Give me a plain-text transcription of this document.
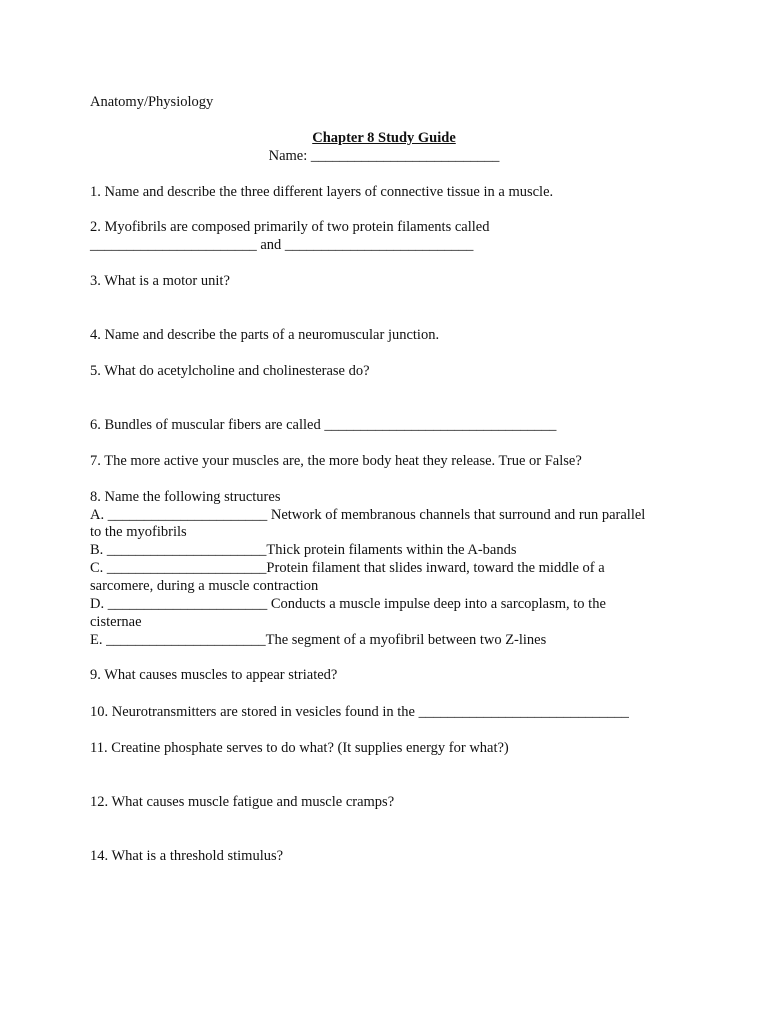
Anatomy/Physiology
Chapter 8 Study Guide
Name: __________________________
1. Name and describe the three different layers of connective tissue in a muscle.
2. Myofibrils are composed primarily of two protein filaments called
_______________________ and __________________________
3. What is a motor unit?
4. Name and describe the parts of a neuromuscular junction.
5. What do acetylcholine and cholinesterase do?
6. Bundles of muscular fibers are called ________________________________
7. The more active your muscles are, the more body heat they release. True or False?
8. Name the following structures
A. ______________________ Network of membranous channels that surround and run parallel
to the myofibrils
B. ______________________Thick protein filaments within the A-bands
C. ______________________Protein filament that slides inward, toward the middle of a
sarcomere, during a muscle contraction
D. ______________________ Conducts a muscle impulse deep into a sarcoplasm, to the
cisternae
E. ______________________The segment of a myofibril between two Z-lines
9. What causes muscles to appear striated?
10. Neurotransmitters are stored in vesicles found in the _____________________________
11. Creatine phosphate serves to do what? (It supplies energy for what?)
12. What causes muscle fatigue and muscle cramps?
14. What is a threshold stimulus?
